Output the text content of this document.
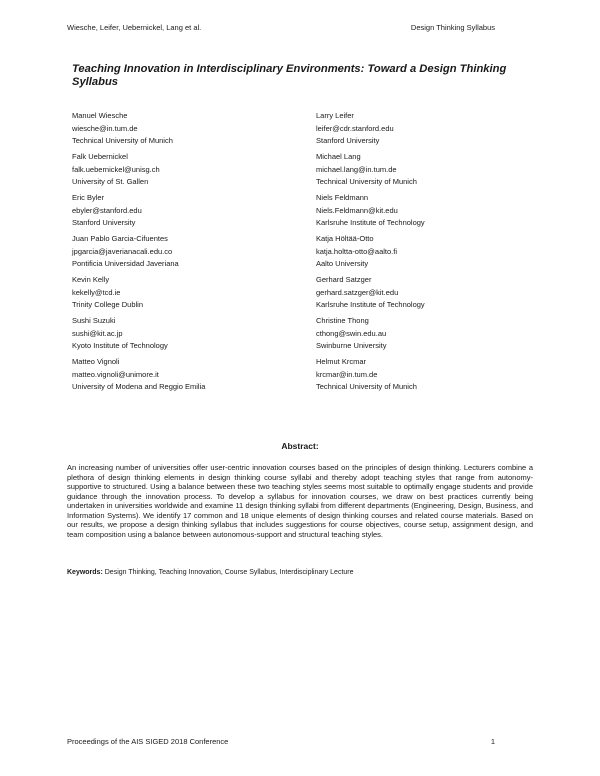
Wiesche, Leifer, Uebernickel, Lang et al.	Design Thinking Syllabus
Teaching Innovation in Interdisciplinary Environments: Toward a Design Thinking Syllabus
Manuel Wiesche
wiesche@in.tum.de
Technical University of Munich
Falk Uebernickel
falk.uebernickel@unisg.ch
University of St. Gallen
Eric Byler
ebyler@stanford.edu
Stanford University
Juan Pablo Garcia-Cifuentes
jpgarcia@javerianacali.edu.co
Pontificia Universidad Javeriana
Kevin Kelly
kekelly@tcd.ie
Trinity College Dublin
Sushi Suzuki
sushi@kit.ac.jp
Kyoto Institute of Technology
Matteo Vignoli
matteo.vignoli@unimore.it
University of Modena and Reggio Emilia
Larry Leifer
leifer@cdr.stanford.edu
Stanford University
Michael Lang
michael.lang@in.tum.de
Technical University of Munich
Niels Feldmann
Niels.Feldmann@kit.edu
Karlsruhe Institute of Technology
Katja Höltää-Otto
katja.holtta-otto@aalto.fi
Aalto University
Gerhard Satzger
gerhard.satzger@kit.edu
Karlsruhe Institute of Technology
Christine Thong
cthong@swin.edu.au
Swinburne University
Helmut Krcmar
krcmar@in.tum.de
Technical University of Munich
Abstract:

An increasing number of universities offer user-centric innovation courses based on the principles of design thinking. Lecturers combine a plethora of design thinking elements in design thinking course syllabi and thereby adopt teaching styles that range from autonomy-supportive to structured. Using a balance between these two teaching styles seems most suitable to optimally engage students and provide guidance through the innovation process. To develop a syllabus for innovation courses, we draw on best practices currently being undertaken in universities worldwide and examine 11 design thinking syllabi from different departments (Engineering, Design, Business, and Information Systems). We identify 17 common and 18 unique elements of design thinking courses and related course materials. Based on our results, we propose a design thinking syllabus that includes suggestions for course objectives, course setup, assignment design, and team composition using a balance between autonomous-support and structural teaching styles.

Keywords: Design Thinking, Teaching Innovation, Course Syllabus, Interdisciplinary Lecture

Proceedings of the AIS SIGED 2018 Conference	1
